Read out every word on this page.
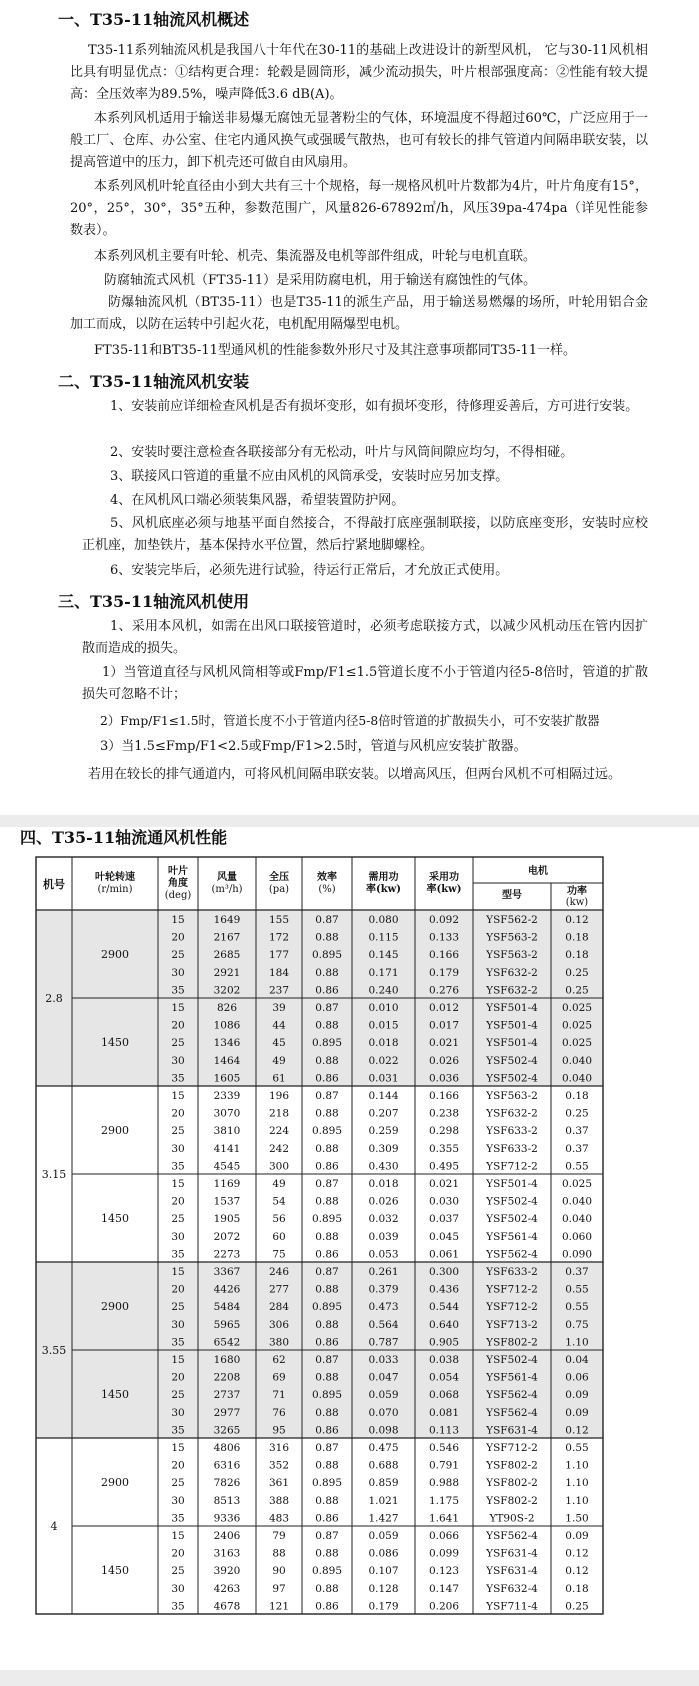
一、T35-11轴流风机概述
T35-11系列轴流风机是我国八十年代在30-11的基础上改进设计的新型风机， 它与30-11风机相比具有明显优点：①结构更合理：轮毂是圆筒形，减少流动损失，叶片根部强度高：②性能有较大提高：全压效率为89.5%，噪声降低3.6 dB(A)。
本系列风机适用于输送非易爆无腐蚀无显著粉尘的气体，环境温度不得超过60℃，广泛应用于一般工厂、仓库、办公室、住宅内通风换气或强暖气散热，也可有较长的排气管道内间隔串联安装，以提高管道中的压力，卸下机壳还可做自由风扇用。
本系列风机叶轮直径由小到大共有三十个规格，每一规格风机叶片数都为4片，叶片角度有15°，20°，25°，30°，35°五种，参数范围广，风量826-67892㎥/h，风压39pa-474pa（详见性能参数表）。
本系列风机主要有叶轮、机壳、集流器及电机等部件组成，叶轮与电机直联。
防腐轴流式风机（FT35-11）是采用防腐电机，用于输送有腐蚀性的气体。
防爆轴流风机（BT35-11）也是T35-11的派生产品，用于输送易燃爆的场所，叶轮用铝合金加工而成，以防在运转中引起火花，电机配用隔爆型电机。
FT35-11和BT35-11型通风机的性能参数外形尺寸及其注意事项都同T35-11一样。
二、T35-11轴流风机安装
1、安装前应详细检查风机是否有损坏变形，如有损坏变形，待修理妥善后，方可进行安装。
2、安装时要注意检查各联接部分有无松动，叶片与风筒间隙应均匀，不得相碰。
3、联接风口管道的重量不应由风机的风筒承受，安装时应另加支撑。
4、在风机风口端必须装集风器，希望装置防护网。
5、风机底座必须与地基平面自然接合，不得敲打底座强制联接，以防底座变形，安装时应校正机座，加垫铁片，基本保持水平位置，然后拧紧地脚螺栓。
6、安装完毕后，必须先进行试验，待运行正常后，才允放正式使用。
三、T35-11轴流风机使用
1、采用本风机，如需在出风口联接管道时，必须考虑联接方式，以减少风机动压在管内因扩散而造成的损失。
1）当管道直径与风机风筒相等或Fmp/F1≤1.5管道长度不小于管道内径5-8倍时，管道的扩散损失可忽略不计；
2）Fmp/F1≤1.5时，管道长度不小于管道内径5-8倍时管道的扩散损失小，可不安装扩散器
3）当1.5≤Fmp/F1<2.5或Fmp/F1>2.5时，管道与风机应安装扩散器。
若用在较长的排气通道内，可将风机间隔串联安装。以增高风压，但两台风机不可相隔过远。
四、T35-11轴流通风机性能
机号
叶轮转速
(r/min)
叶片
角度
(deg)
风量
(m³/h)
全压
(pa)
效率
(%)
需用功
率(kw)
采用功
率(kw)
电机
型号	功率
(kw)
2.8
2900
15	1649	155	0.87	0.080	0.092	YSF562-2	0.12
20	2167	172	0.88	0.115	0.133	YSF563-2	0.18
25	2685	177 0.895	0.145	0.166	YSF563-2	0.18
30	2921	184	0.88	0.171	0.179	YSF632-2	0.25
35	3202	237	0.86	0.240	0.276	YSF632-2	0.25
1450
15	826	39	0.87	0.010	0.012	YSF501-4 0.025
20	1086	44	0.88	0.015	0.017	YSF501-4 0.025
25	1346	45	0.895	0.018	0.021	YSF501-4 0.025
30	1464	49	0.88	0.022	0.026	YSF502-4 0.040
35	1605	61	0.86	0.031	0.036	YSF502-4 0.040
3.15
2900
15	2339	196	0.87	0.144	0.166	YSF563-2	0.18
20	3070	218	0.88	0.207	0.238	YSF632-2	0.25
25	3810	224 0.895	0.259	0.298	YSF633-2	0.37
30	4141	242	0.88	0.309	0.355	YSF633-2	0.37
35	4545	300	0.86	0.430	0.495	YSF712-2	0.55
1450
15	1169	49	0.87	0.018	0.021	YSF501-4 0.025
20	1537	54	0.88	0.026	0.030	YSF502-4 0.040
25	1905	56	0.895	0.032	0.037	YSF502-4 0.040
30	2072	60	0.88	0.039	0.045	YSF561-4 0.060
35	2273	75	0.86	0.053	0.061	YSF562-4 0.090
3.55
2900
15	3367	246	0.87	0.261	0.300	YSF633-2	0.37
20	4426	277	0.88	0.379	0.436	YSF712-2	0.55
25	5484	284 0.895	0.473	0.544	YSF712-2	0.55
30	5965	306	0.88	0.564	0.640	YSF713-2	0.75
35	6542	380	0.86	0.787	0.905	YSF802-2	1.10
1450
15	1680	62	0.87	0.033	0.038	YSF502-4	0.04
20	2208	69	0.88	0.047	0.054	YSF561-4	0.06
25	2737	71	0.895	0.059	0.068	YSF562-4	0.09
30	2977	76	0.88	0.070	0.081	YSF562-4	0.09
35	3265	95	0.86	0.098	0.113	YSF631-4	0.12
4
2900
15	4806	316	0.87	0.475	0.546	YSF712-2	0.55
20	6316	352	0.88	0.688	0.791	YSF802-2	1.10
25	7826	361 0.895	0.859	0.988	YSF802-2	1.10
30	8513	388	0.88	1.021	1.175	YSF802-2	1.10
35	9336	483	0.86	1.427	1.641	YT90S-2	1.50
1450
15	2406	79	0.87	0.059	0.066	YSF562-4	0.09
20	3163	88	0.88	0.086	0.099	YSF631-4	0.12
25	3920	90	0.895	0.107	0.123	YSF631-4	0.12
30	4263	97	0.88	0.128	0.147	YSF632-4	0.18
35	4678	121	0.86	0.179	0.206	YSF711-4	0.25
